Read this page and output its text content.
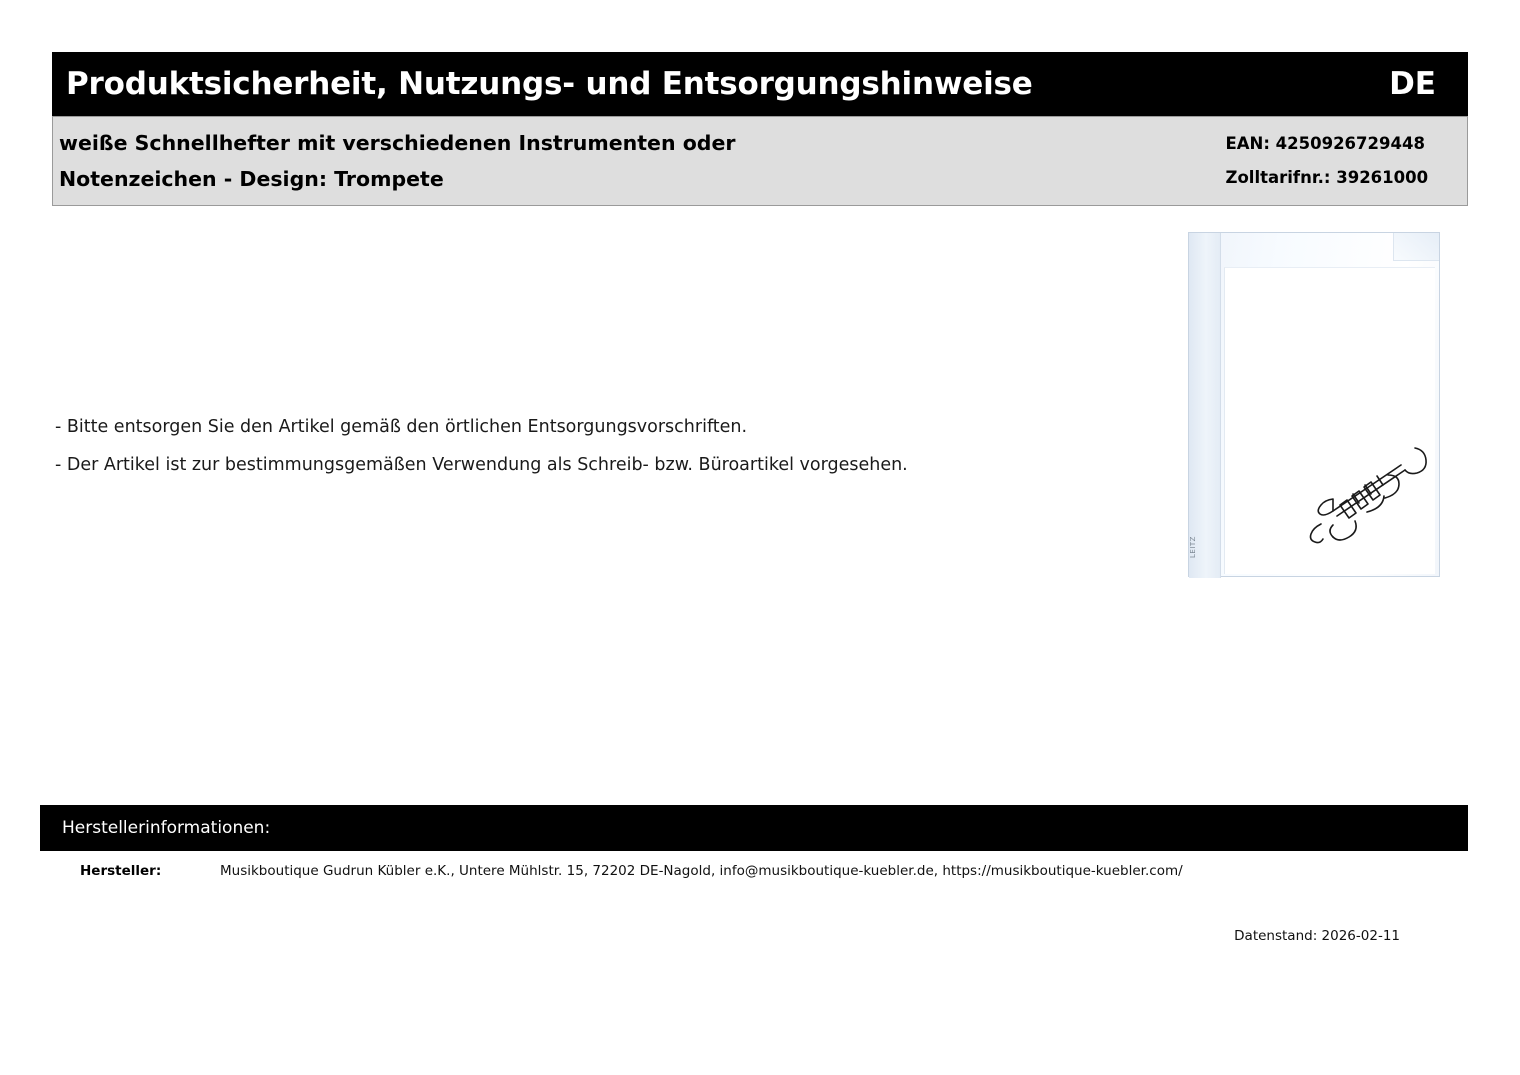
Produktsicherheit, Nutzungs- und Entsorgungshinweise	DE
weiße Schnellhefter mit verschiedenen Instrumenten oder
Notenzeichen - Design: Trompete
EAN: 4250926729448
Zolltarifnr.: 39261000
LEITZ
- Bitte entsorgen Sie den Artikel gemäß den örtlichen Entsorgungsvorschriften.
- Der Artikel ist zur bestimmungsgemäßen Verwendung als Schreib- bzw. Büroartikel vorgesehen.
Herstellerinformationen:
Hersteller:	Musikboutique Gudrun Kübler e.K., Untere Mühlstr. 15, 72202 DE-Nagold, info@musikboutique-kuebler.de, https://musikboutique-kuebler.com/
Datenstand: 2026-02-11
